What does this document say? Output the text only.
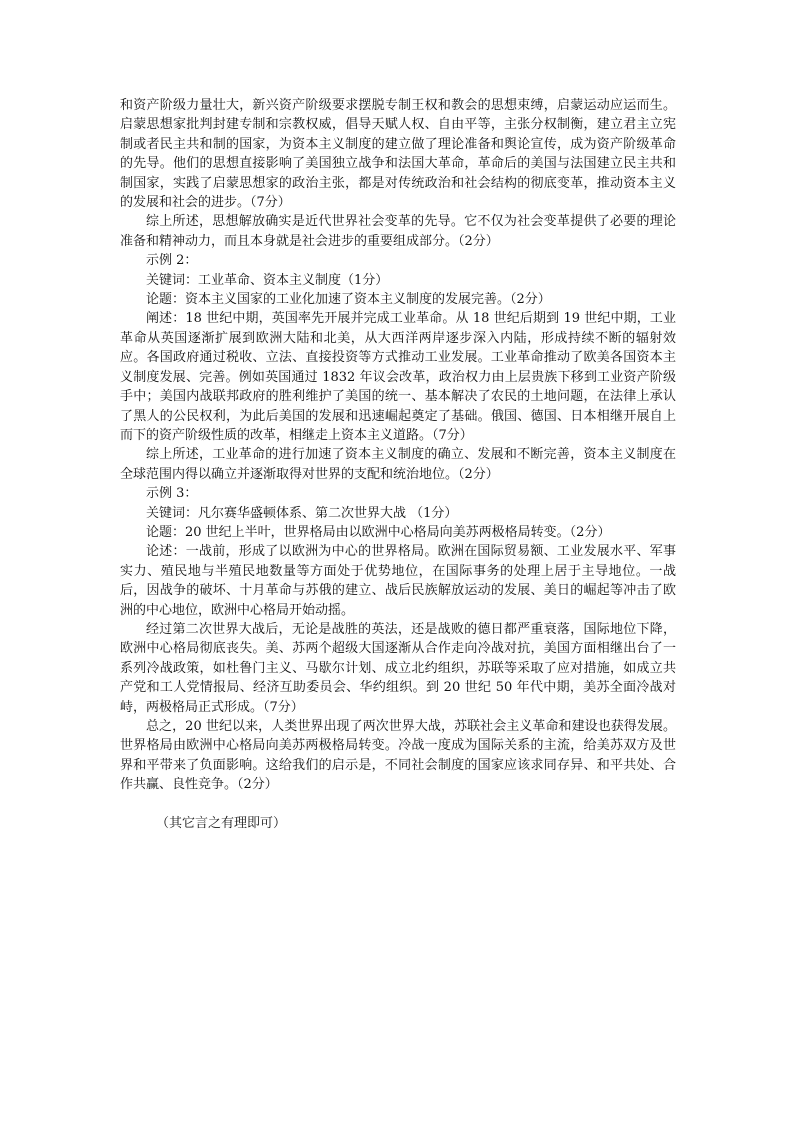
和资产阶级力量壮大，新兴资产阶级要求摆脱专制王权和教会的思想束缚，启蒙运动应运而生。启蒙思想家批判封建专制和宗教权威，倡导天赋人权、自由平等，主张分权制衡，建立君主立宪制或者民主共和制的国家，为资本主义制度的建立做了理论准备和舆论宣传，成为资产阶级革命的先导。他们的思想直接影响了美国独立战争和法国大革命，革命后的美国与法国建立民主共和制国家，实践了启蒙思想家的政治主张，都是对传统政治和社会结构的彻底变革，推动资本主义的发展和社会的进步。（7分）

综上所述，思想解放确实是近代世界社会变革的先导。它不仅为社会变革提供了必要的理论准备和精神动力，而且本身就是社会进步的重要组成部分。（2分）

示例 2：

关键词：工业革命、资本主义制度（1分）

论题：资本主义国家的工业化加速了资本主义制度的发展完善。（2分）

阐述：18 世纪中期，英国率先开展并完成工业革命。从 18 世纪后期到 19 世纪中期，工业革命从英国逐渐扩展到欧洲大陆和北美，从大西洋两岸逐步深入内陆，形成持续不断的辐射效应。各国政府通过税收、立法、直接投资等方式推动工业发展。工业革命推动了欧美各国资本主义制度发展、完善。例如英国通过 1832 年议会改革，政治权力由上层贵族下移到工业资产阶级手中；美国内战联邦政府的胜利维护了美国的统一、基本解决了农民的土地问题，在法律上承认了黑人的公民权利，为此后美国的发展和迅速崛起奠定了基础。俄国、德国、日本相继开展自上而下的资产阶级性质的改革，相继走上资本主义道路。（7分）

综上所述，工业革命的进行加速了资本主义制度的确立、发展和不断完善，资本主义制度在全球范围内得以确立并逐渐取得对世界的支配和统治地位。（2分）

示例 3：

关键词：凡尔赛华盛顿体系、第二次世界大战 （1分）

论题：20 世纪上半叶，世界格局由以欧洲中心格局向美苏两极格局转变。（2分）

论述：一战前，形成了以欧洲为中心的世界格局。欧洲在国际贸易额、工业发展水平、军事实力、殖民地与半殖民地数量等方面处于优势地位，在国际事务的处理上居于主导地位。一战后，因战争的破坏、十月革命与苏俄的建立、战后民族解放运动的发展、美日的崛起等冲击了欧洲的中心地位，欧洲中心格局开始动摇。

经过第二次世界大战后，无论是战胜的英法，还是战败的德日都严重衰落，国际地位下降，欧洲中心格局彻底丧失。美、苏两个超级大国逐渐从合作走向冷战对抗，美国方面相继出台了一系列冷战政策，如杜鲁门主义、马歇尔计划、成立北约组织，苏联等采取了应对措施，如成立共产党和工人党情报局、经济互助委员会、华约组织。到 20 世纪 50 年代中期，美苏全面冷战对峙，两极格局正式形成。（7分）

总之，20 世纪以来，人类世界出现了两次世界大战，苏联社会主义革命和建设也获得发展。世界格局由欧洲中心格局向美苏两极格局转变。冷战一度成为国际关系的主流，给美苏双方及世界和平带来了负面影响。这给我们的启示是，不同社会制度的国家应该求同存异、和平共处、合作共赢、良性竞争。（2分）

（其它言之有理即可）
